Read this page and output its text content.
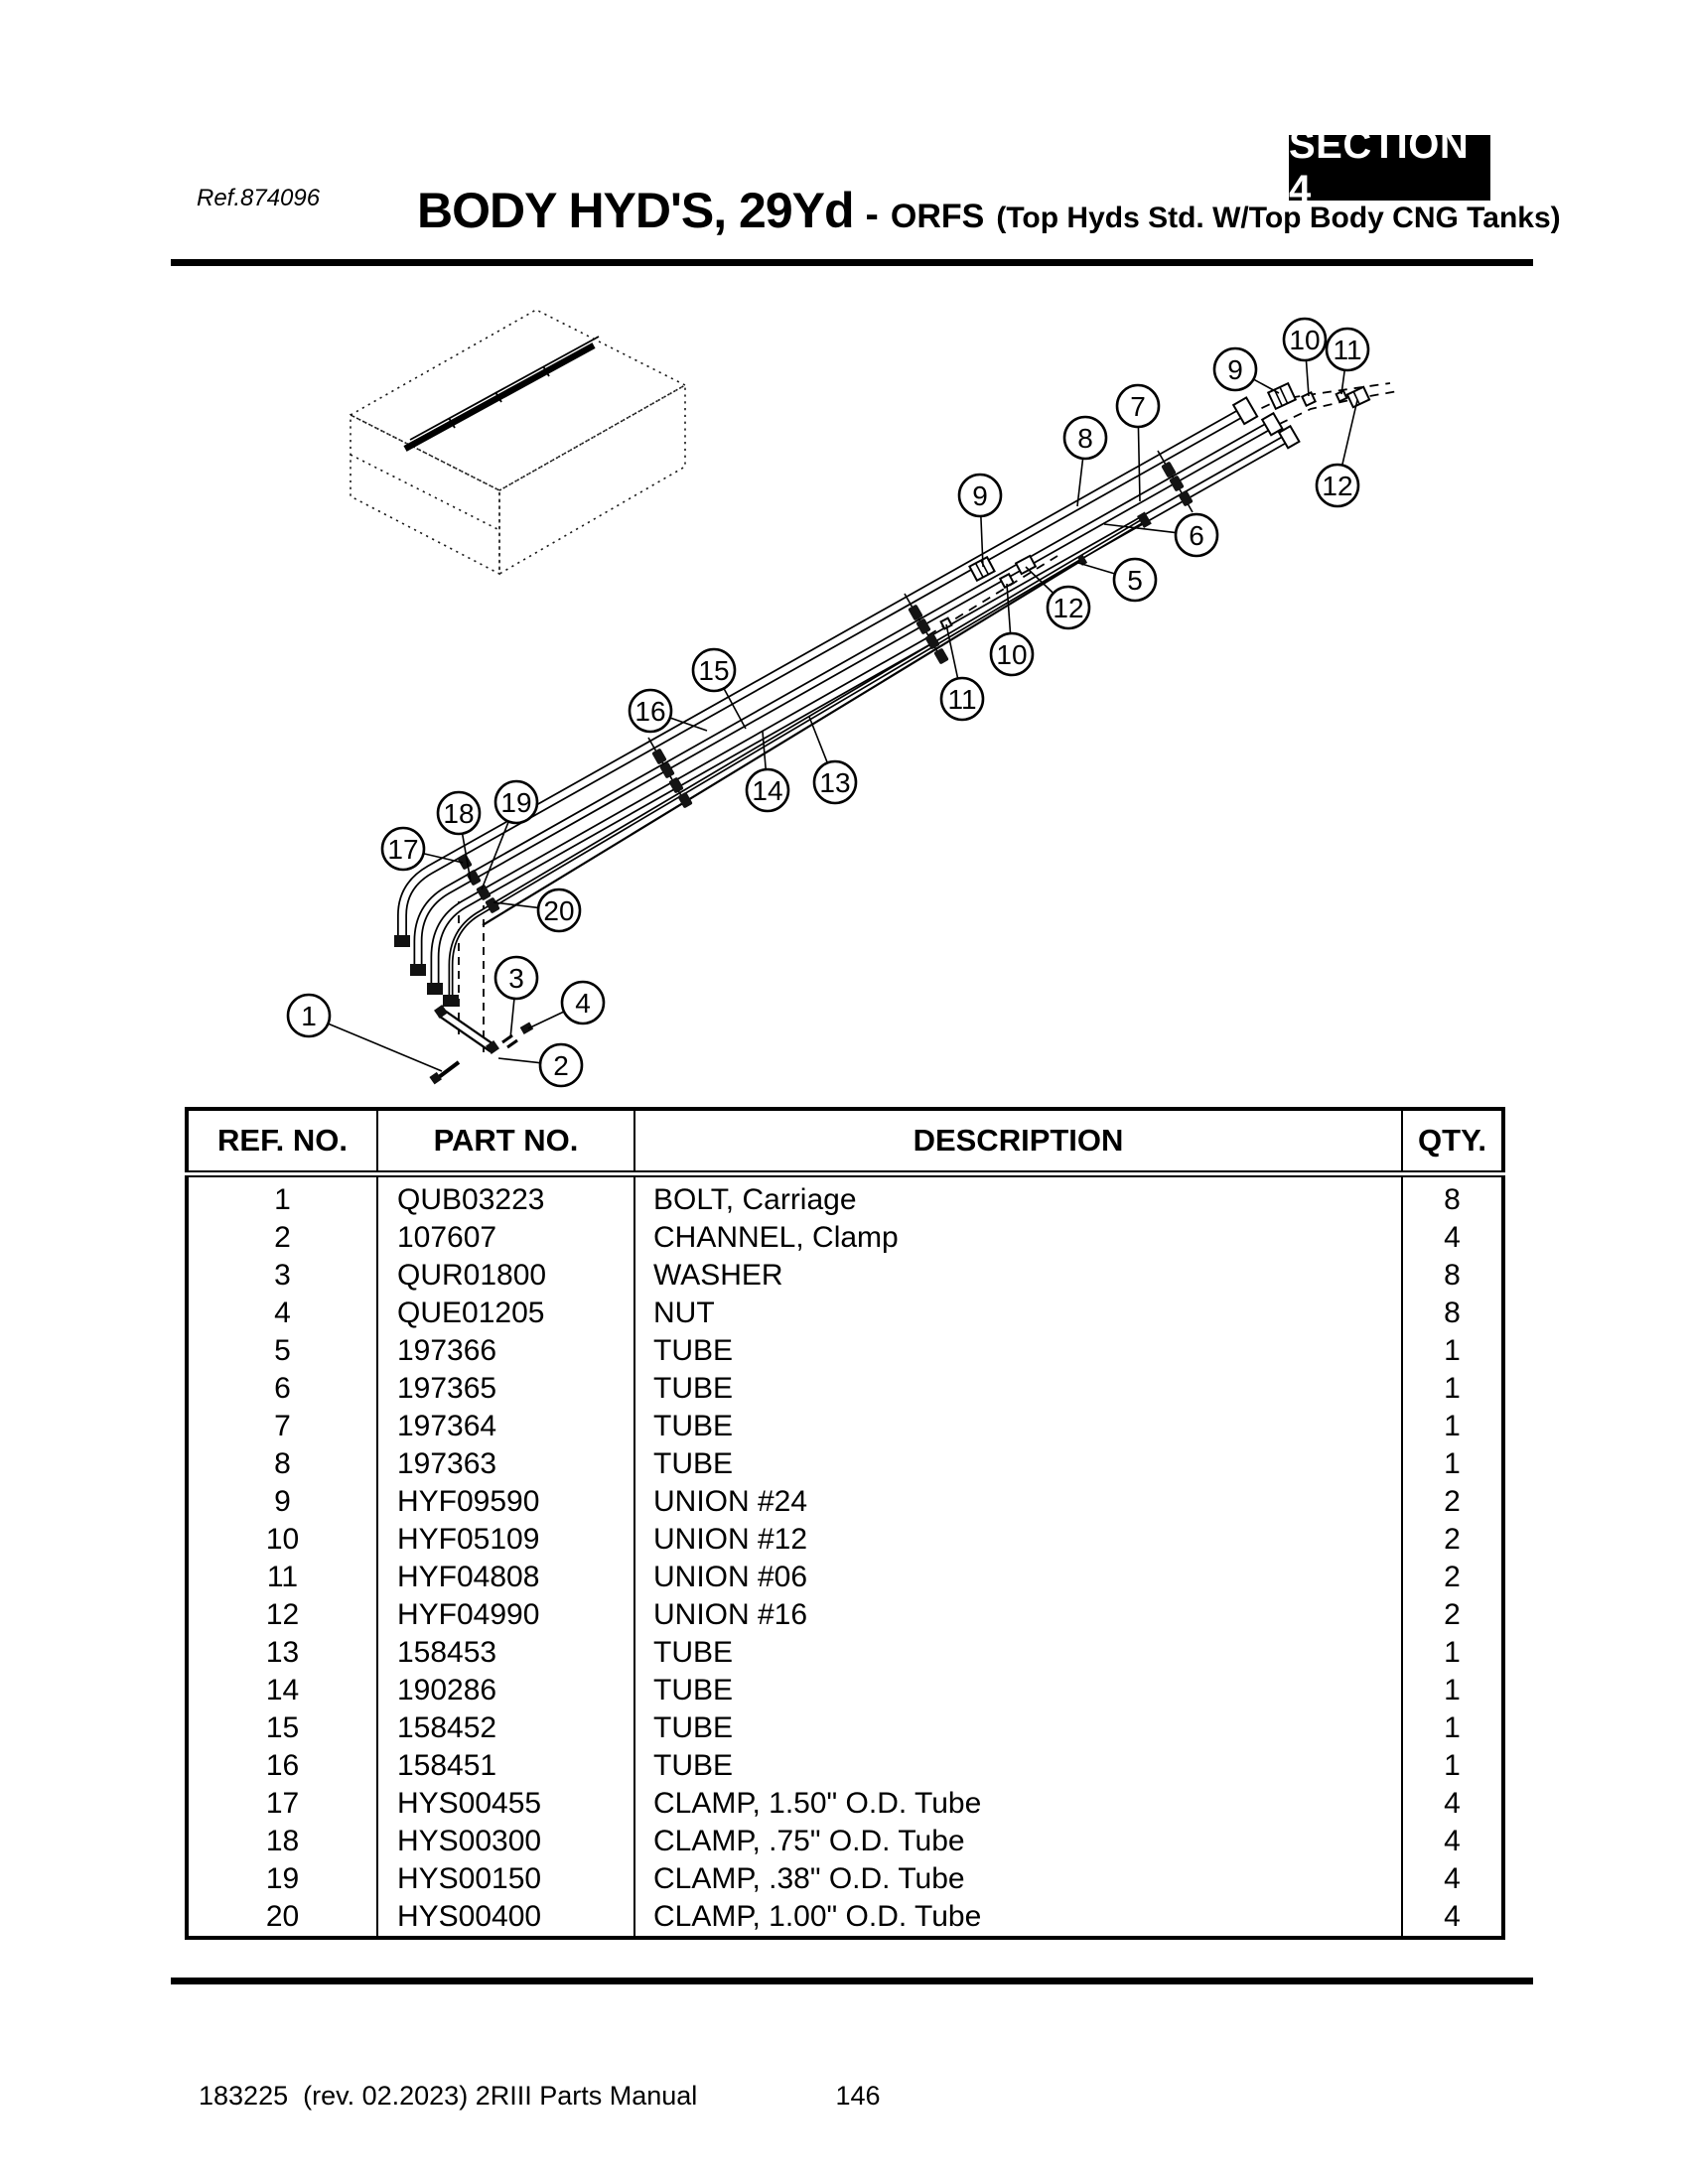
SECTION 4
Ref.874096 BODY HYD'S, 29Yd - ORFS (Top Hyds Std. W/Top Body CNG Tanks)
1
2
3
4
5
6
7
8
9
9
10
10
11
11
12
12
13
14
15
16
17
18 19
20
REF. NO.	PART NO.	DESCRIPTION	QTY.
1	QUB03223	BOLT, Carriage	8
2	107607	CHANNEL, Clamp	4
3	QUR01800	WASHER	8
4	QUE01205	NUT	8
5	197366	TUBE	1
6	197365	TUBE	1
7	197364	TUBE	1
8	197363	TUBE	1
9	HYF09590	UNION #24	2
10	HYF05109	UNION #12	2
11	HYF04808	UNION #06	2
12	HYF04990	UNION #16	2
13	158453	TUBE	1
14	190286	TUBE	1
15	158452	TUBE	1
16	158451	TUBE	1
17	HYS00455	CLAMP, 1.50" O.D. Tube	4
18	HYS00300	CLAMP, .75" O.D. Tube	4
19	HYS00150	CLAMP, .38" O.D. Tube	4
20	HYS00400	CLAMP, 1.00" O.D. Tube	4
183225  (rev. 02.2023) 2RIII Parts Manual	146
